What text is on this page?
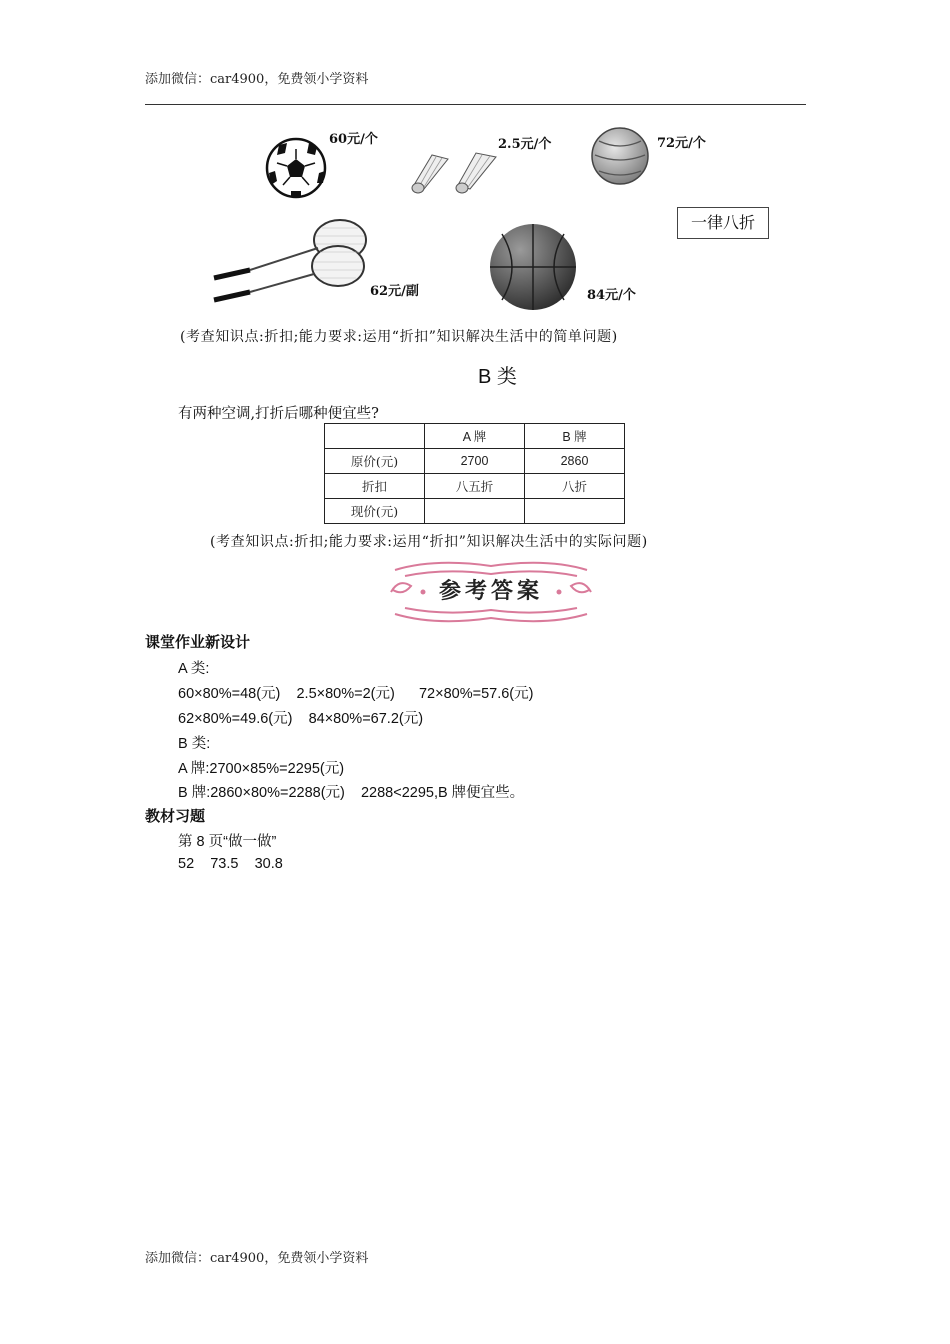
添加微信：car4900，免费领小学资料
60元/个	2.5元/个	72元/个
一律八折
62元/副	84元/个
(考查知识点:折扣;能力要求:运用“折扣”知识解决生活中的简单问题)
B 类
有两种空调,打折后哪种便宜些?
	A 牌	B 牌
原价(元)	2700	2860
折扣	八五折	八折
现价(元)		
(考查知识点:折扣;能力要求:运用“折扣”知识解决生活中的实际问题)
参考答案
课堂作业新设计
A 类:
60×80%=48(元)    2.5×80%=2(元)      72×80%=57.6(元)
62×80%=49.6(元)    84×80%=67.2(元)
B 类:
A 牌:2700×85%=2295(元)
B 牌:2860×80%=2288(元)    2288<2295,B 牌便宜些。
教材习题
第 8 页“做一做”
52    73.5    30.8
添加微信：car4900，免费领小学资料
